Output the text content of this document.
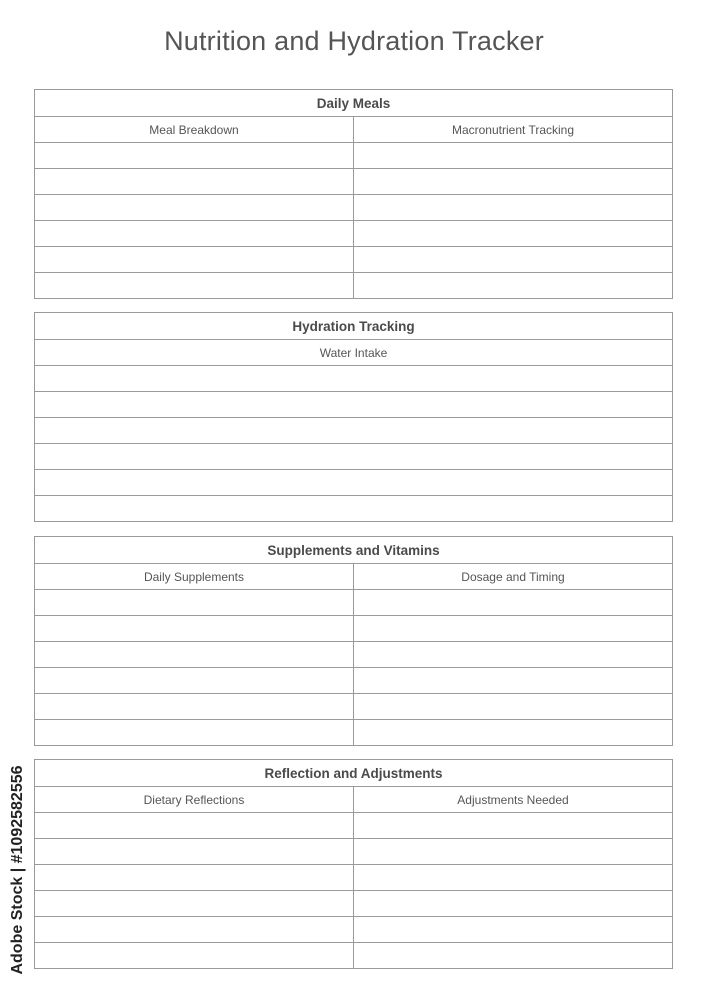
Nutrition and Hydration Tracker
Daily Meals
Meal Breakdown	Macronutrient Tracking
Hydration Tracking
Water Intake
Supplements and Vitamins
Daily Supplements	Dosage and Timing
Reflection and Adjustments
Dietary Reflections	Adjustments Needed
Adobe Stock | #1092582556
